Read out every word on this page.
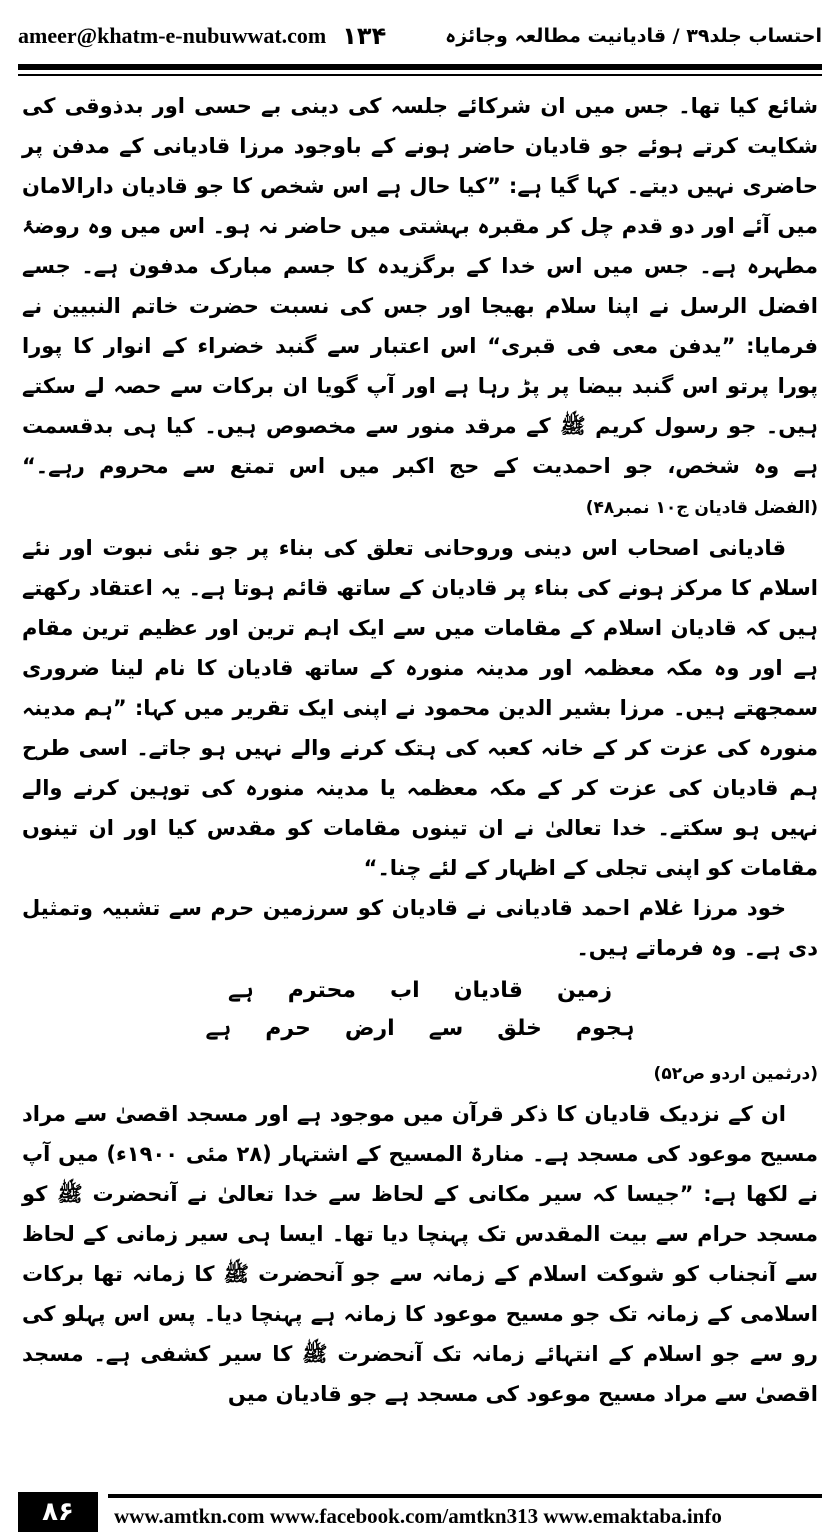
ameer@khatm-e-nubuwwat.com ۱۳۴	احتساب جلد۳۹ / قادیانیت مطالعہ وجائزہ

شائع کیا تھا۔ جس میں ان شرکائے جلسہ کی دینی بے حسی اور بدذوقی کی شکایت کرتے ہوئے جو قادیان حاضر ہونے کے باوجود مرزا قادیانی کے مدفن پر حاضری نہیں دیتے۔ کہا گیا ہے: ”کیا حال ہے اس شخص کا جو قادیان دارالامان میں آئے اور دو قدم چل کر مقبرہ بہشتی میں حاضر نہ ہو۔ اس میں وہ روضۂ مطہرہ ہے۔ جس میں اس خدا کے برگزیدہ کا جسم مبارک مدفون ہے۔ جسے افضل الرسل نے اپنا سلام بھیجا اور جس کی نسبت حضرت خاتم النبیین نے فرمایا: ”یدفن معی فی قبری“ اس اعتبار سے گنبد خضراء کے انوار کا پورا پورا پرتو اس گنبد بیضا پر پڑ رہا ہے اور آپ گویا ان برکات سے حصہ لے سکتے ہیں۔ جو رسول کریم ﷺ کے مرقد منور سے مخصوص ہیں۔ کیا ہی بدقسمت ہے وہ شخص، جو احمدیت کے حج اکبر میں اس تمتع سے محروم رہے۔“ (الفضل قادیان ج۱۰ نمبر۴۸)

قادیانی اصحاب اس دینی وروحانی تعلق کی بناء پر جو نئی نبوت اور نئے اسلام کا مرکز ہونے کی بناء پر قادیان کے ساتھ قائم ہوتا ہے۔ یہ اعتقاد رکھتے ہیں کہ قادیان اسلام کے مقامات میں سے ایک اہم ترین اور عظیم ترین مقام ہے اور وہ مکہ معظمہ اور مدینہ منورہ کے ساتھ قادیان کا نام لینا ضروری سمجھتے ہیں۔ مرزا بشیر الدین محمود نے اپنی ایک تقریر میں کہا: ”ہم مدینہ منورہ کی عزت کر کے خانہ کعبہ کی ہتک کرنے والے نہیں ہو جاتے۔ اسی طرح ہم قادیان کی عزت کر کے مکہ معظمہ یا مدینہ منورہ کی توہین کرنے والے نہیں ہو سکتے۔ خدا تعالیٰ نے ان تینوں مقامات کو مقدس کیا اور ان تینوں مقامات کو اپنی تجلی کے اظہار کے لئے چنا۔“

خود مرزا غلام احمد قادیانی نے قادیان کو سرزمین حرم سے تشبیہ وتمثیل دی ہے۔ وہ فرماتے ہیں۔

زمین
قادیان
اب
محترم
ہے
ہجوم
خلق
سے
ارض
حرم
ہے

(درثمین اردو ص۵۲)

ان کے نزدیک قادیان کا ذکر قرآن میں موجود ہے اور مسجد اقصیٰ سے مراد مسیح موعود کی مسجد ہے۔ منارۃ المسیح کے اشتہار (۲۸ مئی ۱۹۰۰ء) میں آپ نے لکھا ہے: ”جیسا کہ سیر مکانی کے لحاظ سے خدا تعالیٰ نے آنحضرت ﷺ کو مسجد حرام سے بیت المقدس تک پہنچا دیا تھا۔ ایسا ہی سیر زمانی کے لحاظ سے آنجناب کو شوکت اسلام کے زمانہ سے جو آنحضرت ﷺ کا زمانہ تھا برکات اسلامی کے زمانہ تک جو مسیح موعود کا زمانہ ہے پہنچا دیا۔ پس اس پہلو کی رو سے جو اسلام کے انتہائے زمانہ تک آنحضرت ﷺ کا سیر کشفی ہے۔ مسجد اقصیٰ سے مراد مسیح موعود کی مسجد ہے جو قادیان میں

۸۶	www.amtkn.com www.facebook.com/amtkn313 www.emaktaba.info
